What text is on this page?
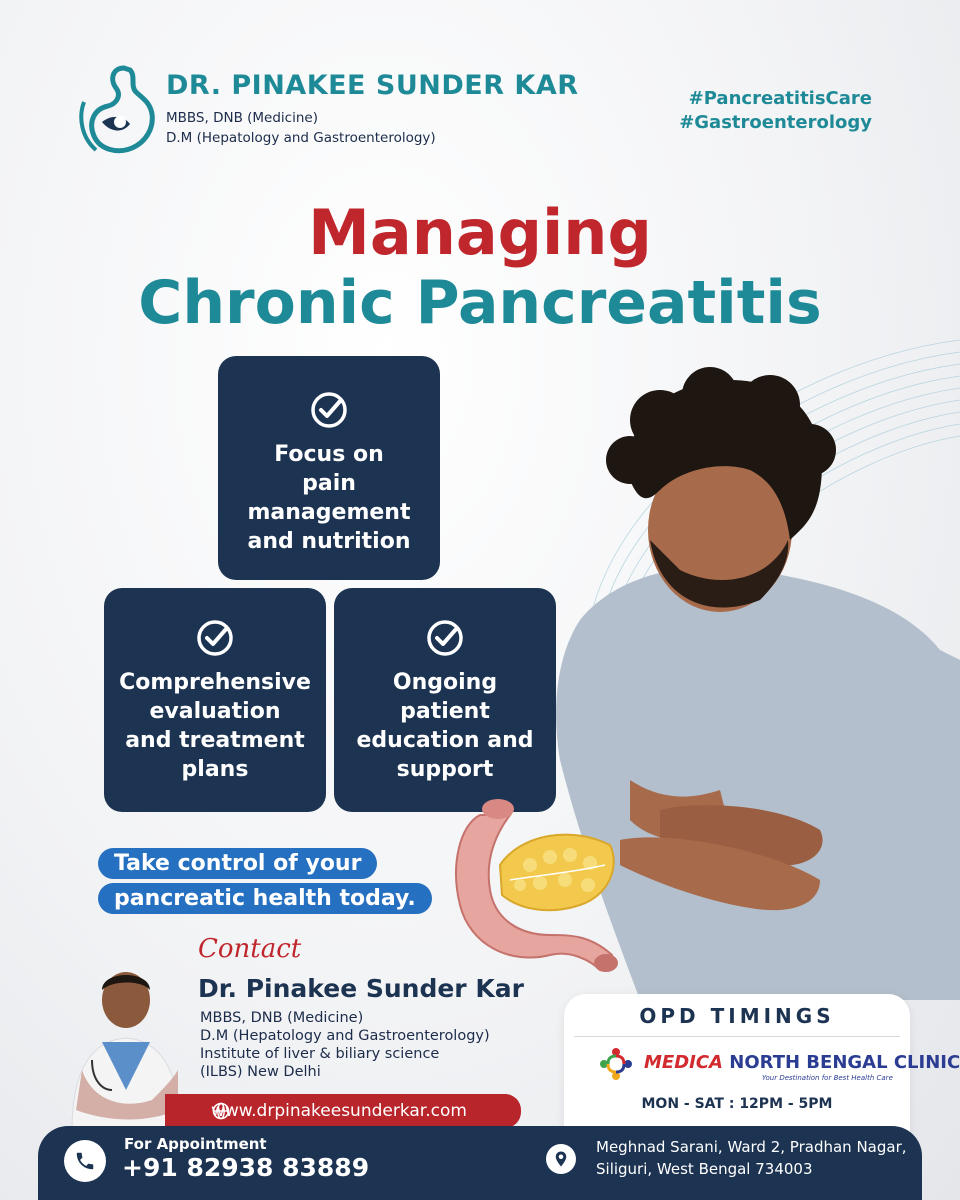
DR. PINAKEE SUNDER KAR
MBBS, DNB (Medicine)
D.M (Hepatology and Gastroenterology)
#PancreatitisCare
#Gastroenterology
Managing
Chronic Pancreatitis
Focus on
pain
management
and nutrition
Comprehensive
evaluation
and treatment
plans
Ongoing
patient
education and
support
Take control of your
pancreatic health today.
Contact
Dr. Pinakee Sunder Kar
MBBS, DNB (Medicine)
D.M (Hepatology and Gastroenterology)
Institute of liver & biliary science
(ILBS) New Delhi
www.drpinakeesunderkar.com
OPD TIMINGS
MEDICA NORTH BENGAL CLINIC
Your Destination for Best Health Care
MON - SAT : 12PM - 5PM
For Appointment
+91 82938 83889
Meghnad Sarani, Ward 2, Pradhan Nagar,
Siliguri, West Bengal 734003
